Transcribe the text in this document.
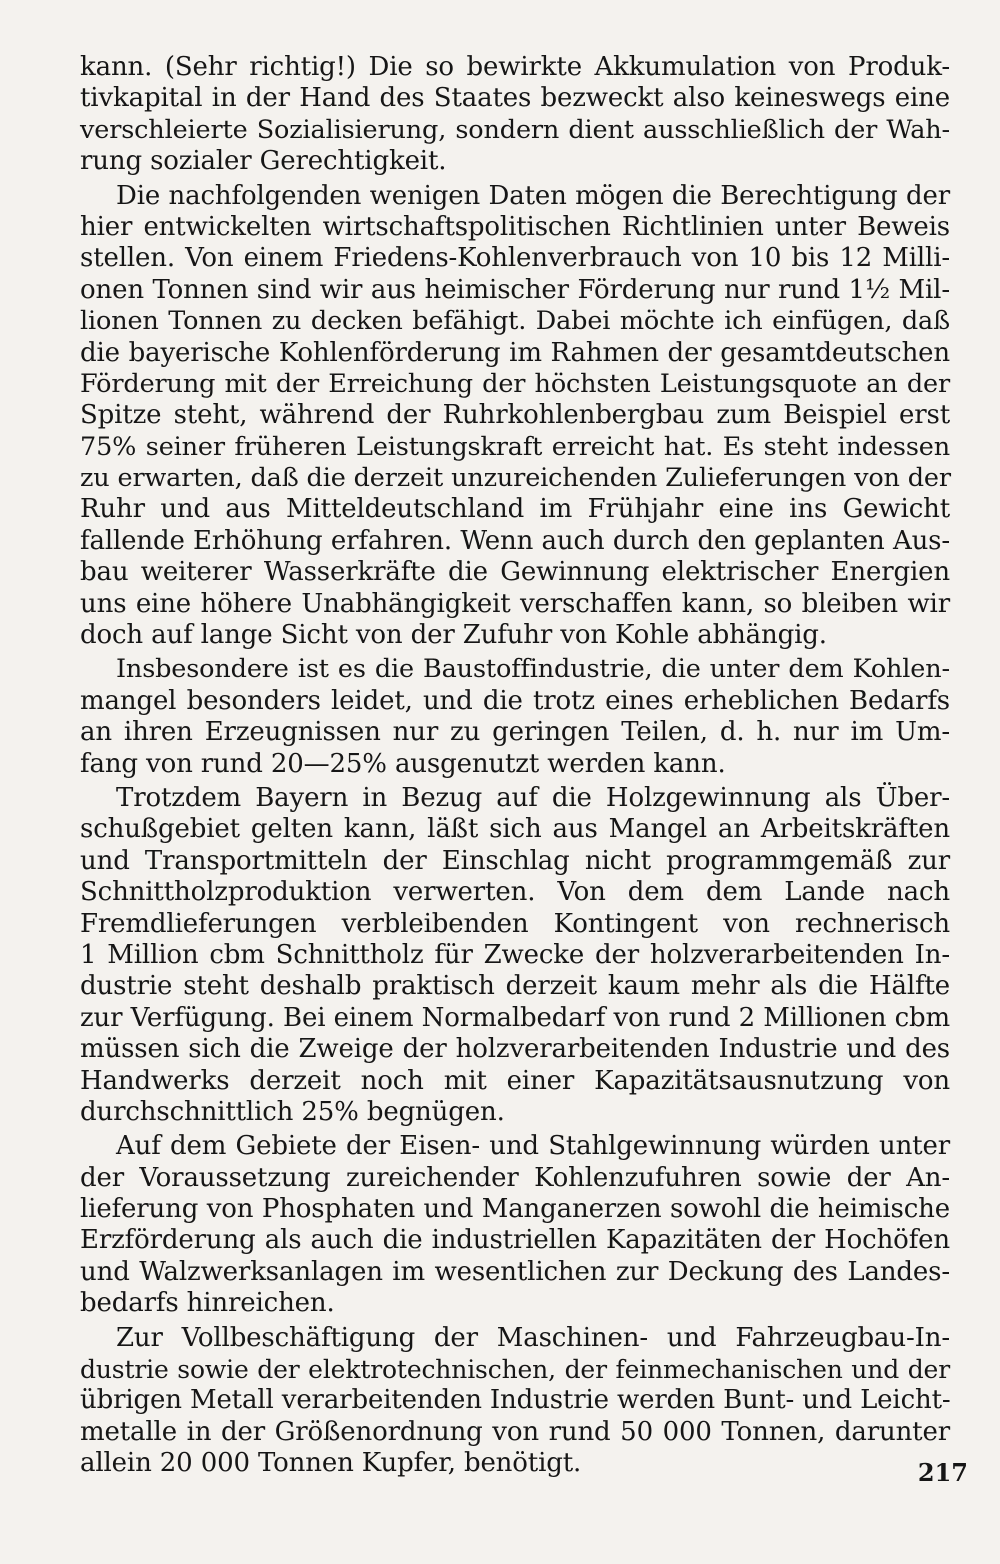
kann. (Sehr richtig!) Die so bewirkte Akkumulation von Produk-
tivkapital in der Hand des Staates bezweckt also keineswegs eine
verschleierte Sozialisierung, sondern dient ausschließlich der Wah-
rung sozialer Gerechtigkeit.
Die nachfolgenden wenigen Daten mögen die Berechtigung der
hier entwickelten wirtschaftspolitischen Richtlinien unter Beweis
stellen. Von einem Friedens-Kohlenverbrauch von 10 bis 12 Milli-
onen Tonnen sind wir aus heimischer Förderung nur rund 1½ Mil-
lionen Tonnen zu decken befähigt. Dabei möchte ich einfügen, daß
die bayerische Kohlenförderung im Rahmen der gesamtdeutschen
Förderung mit der Erreichung der höchsten Leistungsquote an der
Spitze steht, während der Ruhrkohlenbergbau zum Beispiel erst
75% seiner früheren Leistungskraft erreicht hat. Es steht indessen
zu erwarten, daß die derzeit unzureichenden Zulieferungen von der
Ruhr und aus Mitteldeutschland im Frühjahr eine ins Gewicht
fallende Erhöhung erfahren. Wenn auch durch den geplanten Aus-
bau weiterer Wasserkräfte die Gewinnung elektrischer Energien
uns eine höhere Unabhängigkeit verschaffen kann, so bleiben wir
doch auf lange Sicht von der Zufuhr von Kohle abhängig.
Insbesondere ist es die Baustoffindustrie, die unter dem Kohlen-
mangel besonders leidet, und die trotz eines erheblichen Bedarfs
an ihren Erzeugnissen nur zu geringen Teilen, d. h. nur im Um-
fang von rund 20—25% ausgenutzt werden kann.
Trotzdem Bayern in Bezug auf die Holzgewinnung als Über-
schußgebiet gelten kann, läßt sich aus Mangel an Arbeitskräften
und Transportmitteln der Einschlag nicht programmgemäß zur
Schnittholzproduktion verwerten. Von dem dem Lande nach
Fremdlieferungen verbleibenden Kontingent von rechnerisch
1 Million cbm Schnittholz für Zwecke der holzverarbeitenden In-
dustrie steht deshalb praktisch derzeit kaum mehr als die Hälfte
zur Verfügung. Bei einem Normalbedarf von rund 2 Millionen cbm
müssen sich die Zweige der holzverarbeitenden Industrie und des
Handwerks derzeit noch mit einer Kapazitätsausnutzung von
durchschnittlich 25% begnügen.
Auf dem Gebiete der Eisen- und Stahlgewinnung würden unter
der Voraussetzung zureichender Kohlenzufuhren sowie der An-
lieferung von Phosphaten und Manganerzen sowohl die heimische
Erzförderung als auch die industriellen Kapazitäten der Hochöfen
und Walzwerksanlagen im wesentlichen zur Deckung des Landes-
bedarfs hinreichen.
Zur Vollbeschäftigung der Maschinen- und Fahrzeugbau-In-
dustrie sowie der elektrotechnischen, der feinmechanischen und der
übrigen Metall verarbeitenden Industrie werden Bunt- und Leicht-
metalle in der Größenordnung von rund 50 000 Tonnen, darunter
allein 20 000 Tonnen Kupfer, benötigt.	217
